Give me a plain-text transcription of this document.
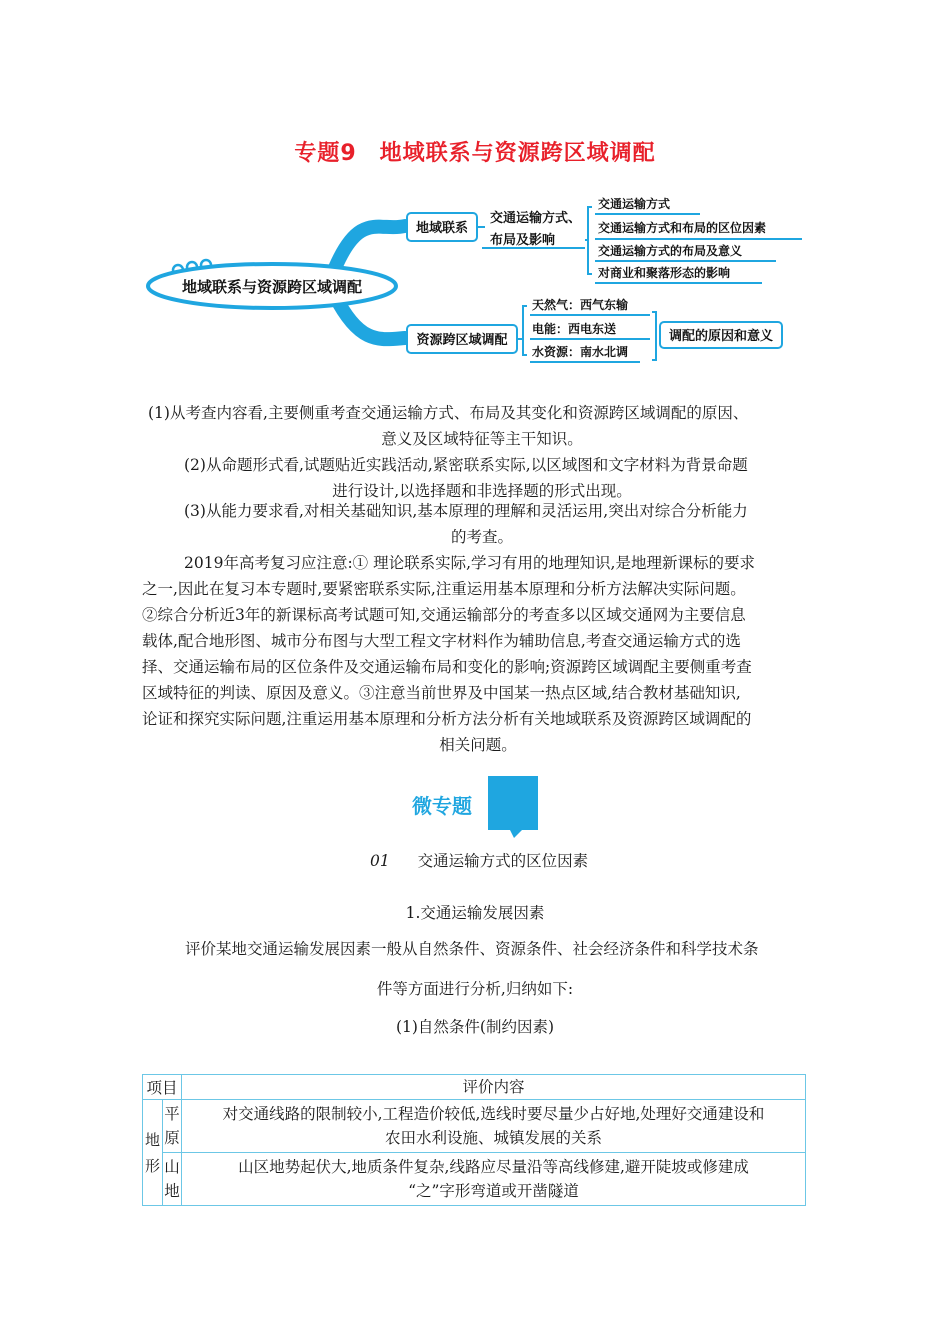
专题9　地域联系与资源跨区域调配
地域联系与资源跨区域调配
地域联系
交通运输方式、
布局及影响
交通运输方式
交通运输方式和布局的区位因素
交通运输方式的布局及意义
对商业和聚落形态的影响
资源跨区域调配
天然气：西气东输
电能：西电东送
水资源：南水北调
调配的原因和意义
(1)从考查内容看,主要侧重考查交通运输方式、布局及其变化和资源跨区域调配的原因、
意义及区域特征等主干知识。
(2)从命题形式看,试题贴近实践活动,紧密联系实际,以区域图和文字材料为背景命题
进行设计,以选择题和非选择题的形式出现。
(3)从能力要求看,对相关基础知识,基本原理的理解和灵活运用,突出对综合分析能力
的考查。
2019年高考复习应注意:① 理论联系实际,学习有用的地理知识,是地理新课标的要求
之一,因此在复习本专题时,要紧密联系实际,注重运用基本原理和分析方法解决实际问题。
②综合分析近3年的新课标高考试题可知,交通运输部分的考查多以区域交通网为主要信息
载体,配合地形图、城市分布图与大型工程文字材料作为辅助信息,考查交通运输方式的选
择、交通运输布局的区位条件及交通运输布局和变化的影响;资源跨区域调配主要侧重考查
区域特征的判读、原因及意义。③注意当前世界及中国某一热点区域,结合教材基础知识,
论证和探究实际问题,注重运用基本原理和分析方法分析有关地域联系及资源跨区域调配的
相关问题。
微专题
01 交通运输方式的区位因素
1.交通运输发展因素
评价某地交通运输发展因素一般从自然条件、资源条件、社会经济条件和科学技术条
件等方面进行分析,归纳如下:
(1)自然条件(制约因素)
项目		评价内容
地形	平原	对交通线路的限制较小,工程造价较低,选线时要尽量少占好地,处理好交通建设和
农田水利设施、城镇发展的关系

	山地	山区地势起伏大,地质条件复杂,线路应尽量沿等高线修建,避开陡坡或修建成
“之”字形弯道或开凿隧道
